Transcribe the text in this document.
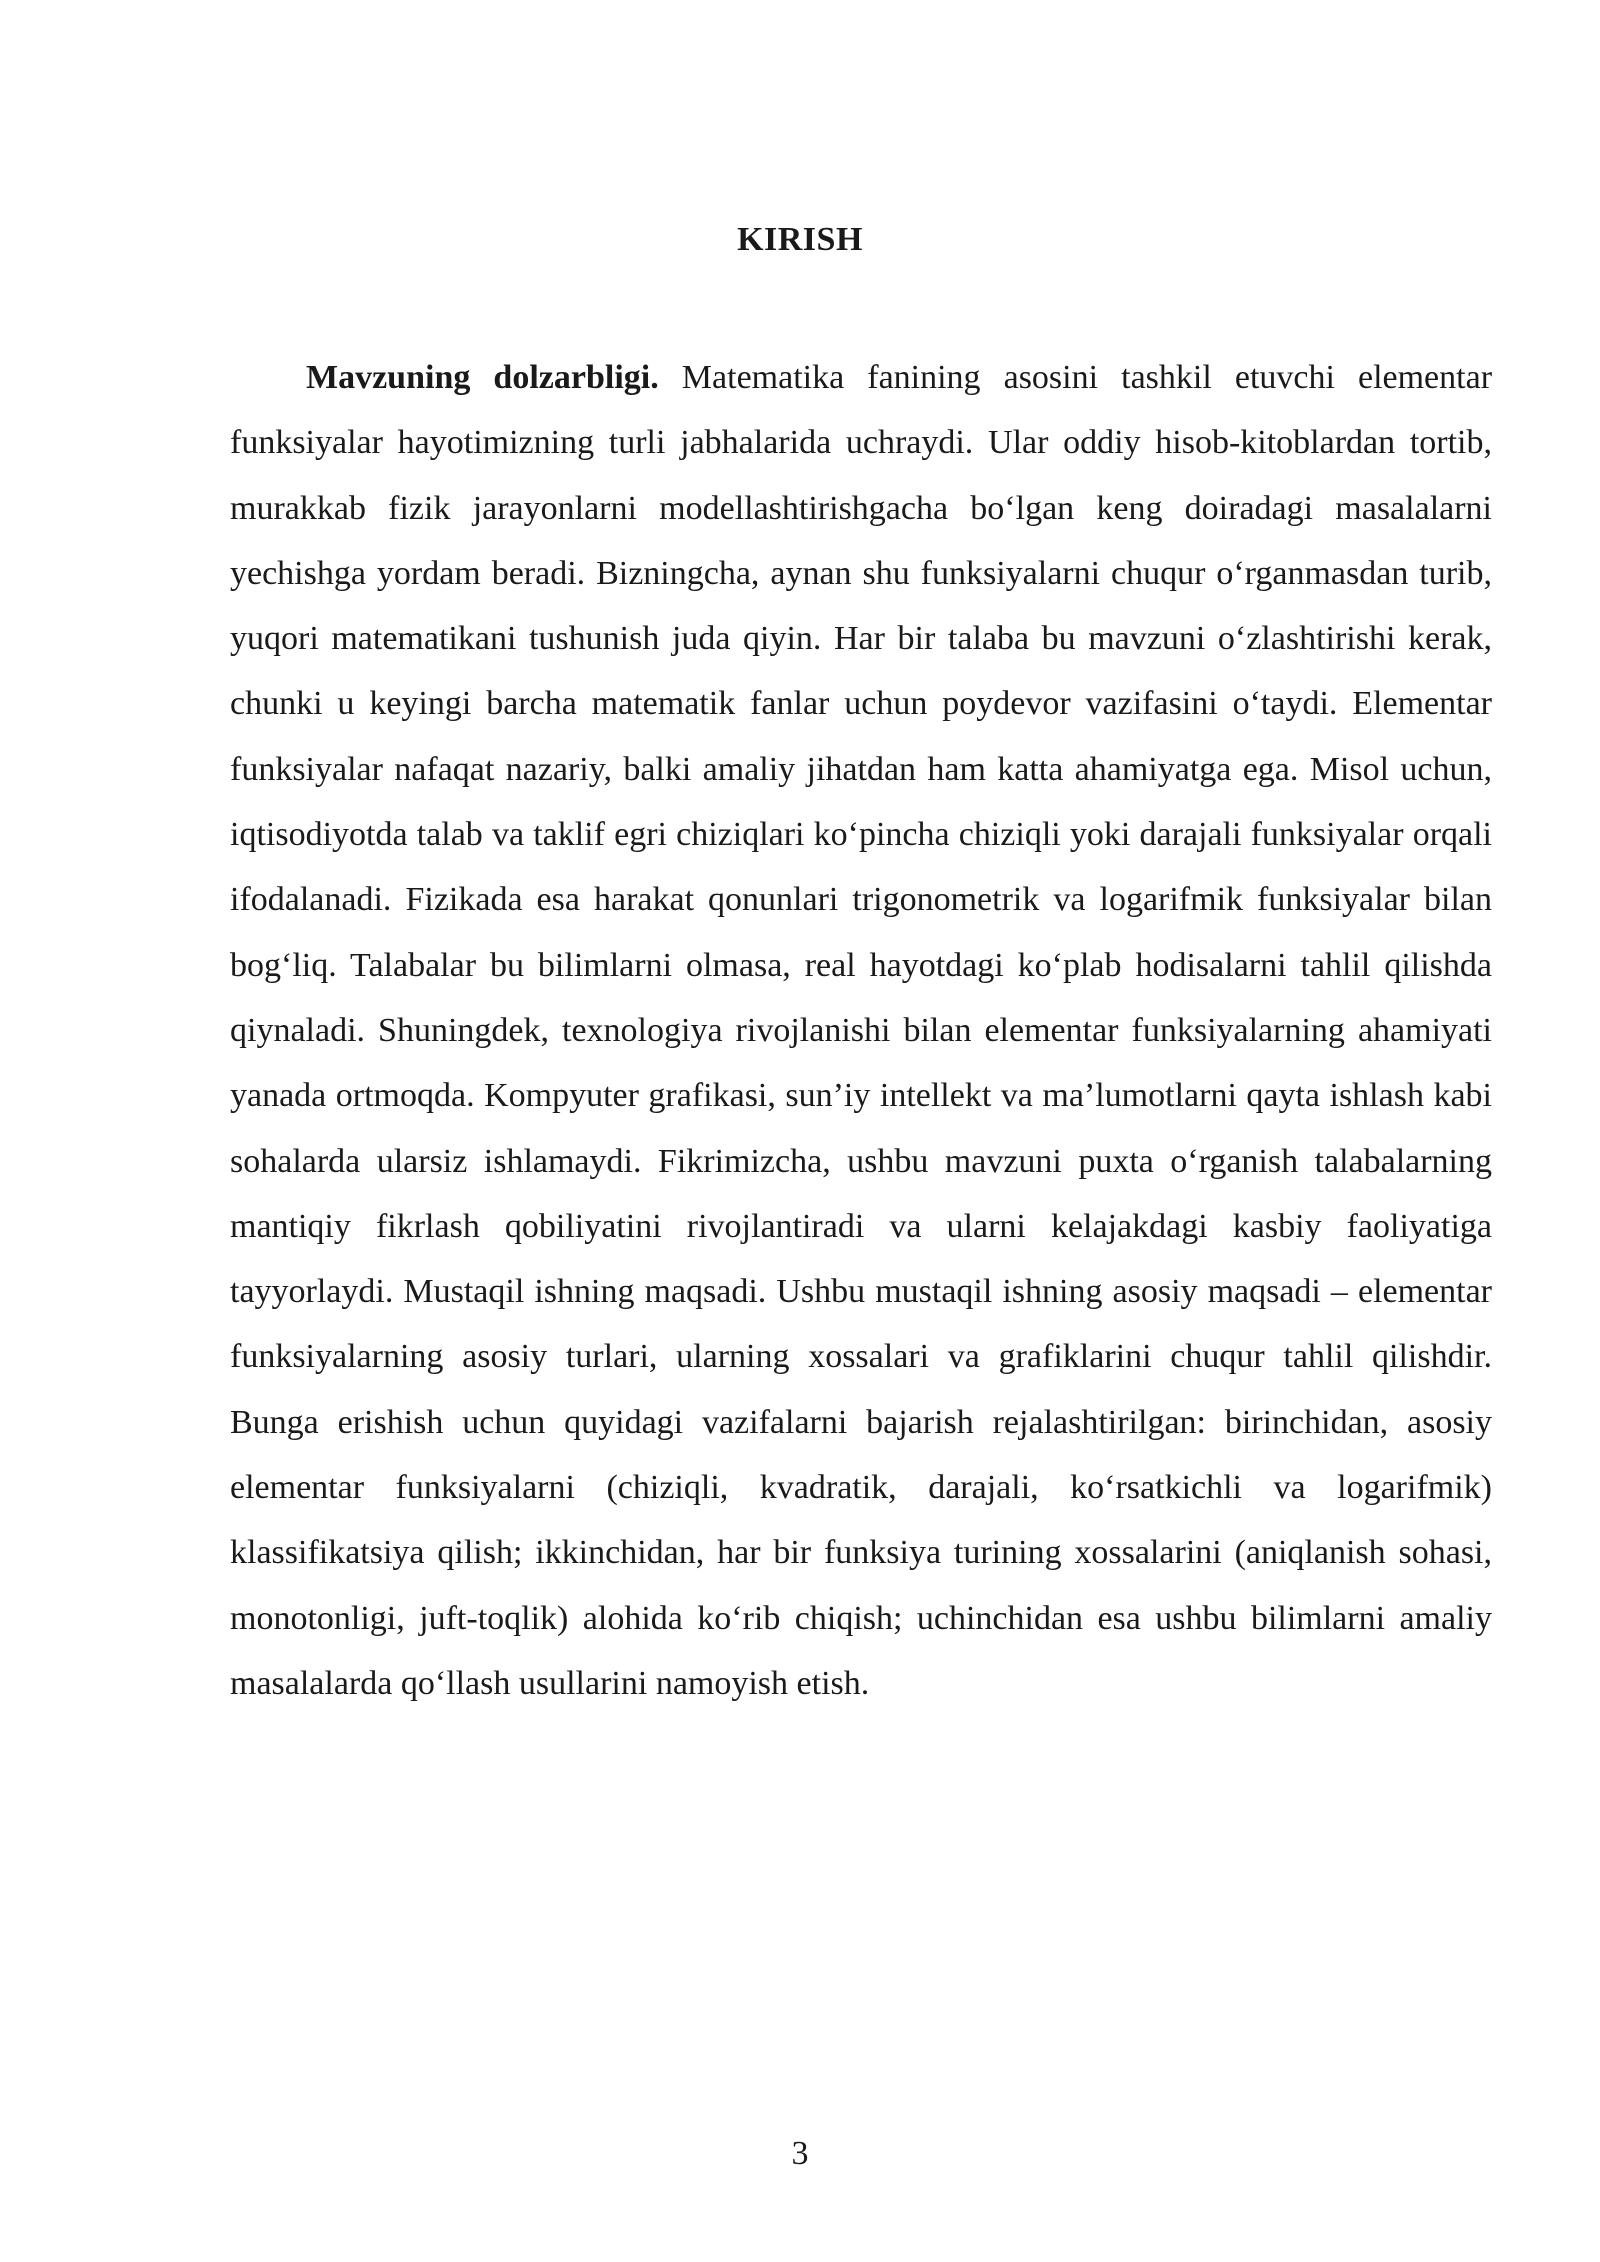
KIRISH

Mavzuning dolzarbligi. Matematika fanining asosini tashkil etuvchi elementar funksiyalar hayotimizning turli jabhalarida uchraydi. Ular oddiy hisob-kitoblardan tortib, murakkab fizik jarayonlarni modellashtirishgacha bo‘lgan keng doiradagi masalalarni yechishga yordam beradi. Bizningcha, aynan shu funksiyalarni chuqur o‘rganmasdan turib, yuqori matematikani tushunish juda qiyin. Har bir talaba bu mavzuni o‘zlashtirishi kerak, chunki u keyingi barcha matematik fanlar uchun poydevor vazifasini o‘taydi. Elementar funksiyalar nafaqat nazariy, balki amaliy jihatdan ham katta ahamiyatga ega. Misol uchun, iqtisodiyotda talab va taklif egri chiziqlari ko‘pincha chiziqli yoki darajali funksiyalar orqali ifodalanadi. Fizikada esa harakat qonunlari trigonometrik va logarifmik funksiyalar bilan bog‘liq. Talabalar bu bilimlarni olmasa, real hayotdagi ko‘plab hodisalarni tahlil qilishda qiynaladi. Shuningdek, texnologiya rivojlanishi bilan elementar funksiyalarning ahamiyati yanada ortmoqda. Kompyuter grafikasi, sun’iy intellekt va ma’lumotlarni qayta ishlash kabi sohalarda ularsiz ishlamaydi. Fikrimizcha, ushbu mavzuni puxta o‘rganish talabalarning mantiqiy fikrlash qobiliyatini rivojlantiradi va ularni kelajakdagi kasbiy faoliyatiga tayyorlaydi. Mustaqil ishning maqsadi. Ushbu mustaqil ishning asosiy maqsadi – elementar funksiyalarning asosiy turlari, ularning xossalari va grafiklarini chuqur tahlil qilishdir. Bunga erishish uchun quyidagi vazifalarni bajarish rejalashtirilgan: birinchidan, asosiy elementar funksiyalarni (chiziqli, kvadratik, darajali, ko‘rsatkichli va logarifmik) klassifikatsiya qilish; ikkinchidan, har bir funksiya turining xossalarini (aniqlanish sohasi, monotonligi, juft-toqlik) alohida ko‘rib chiqish; uchinchidan esa ushbu bilimlarni amaliy masalalarda qo‘llash usullarini namoyish etish.

3
